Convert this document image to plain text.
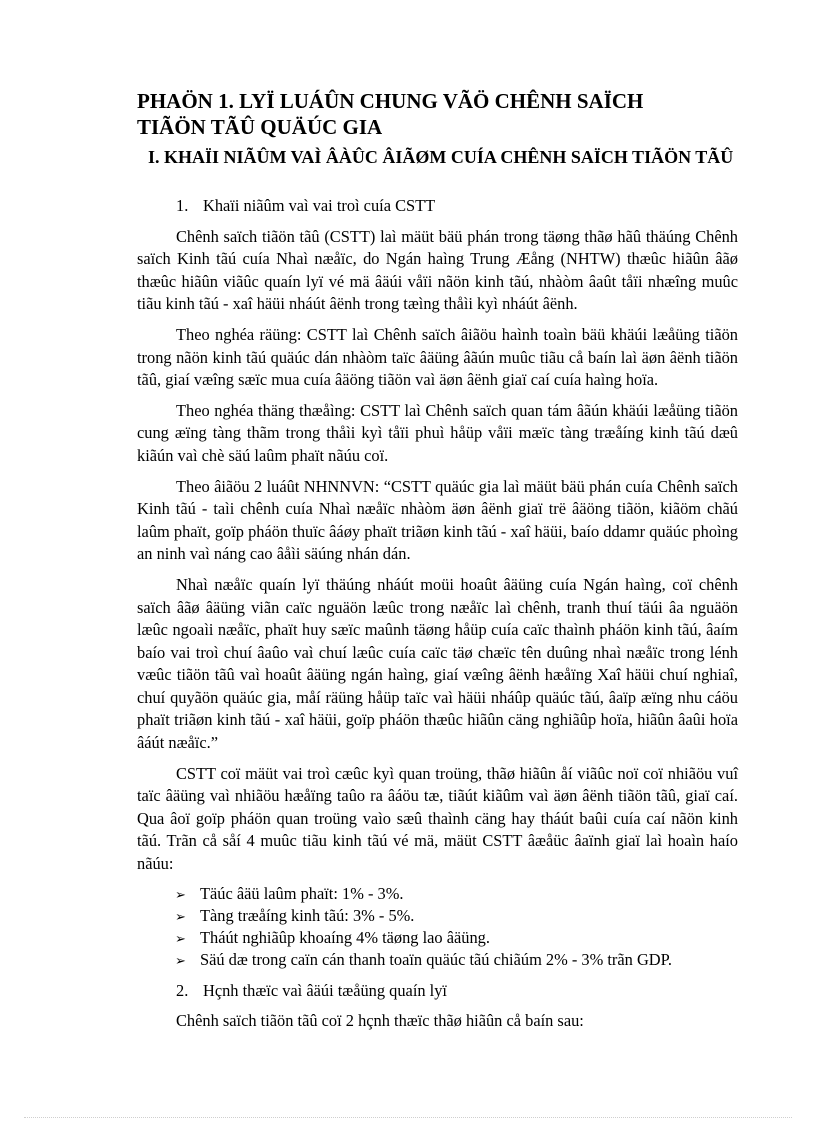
PHAÖN 1. LYÏ LUÁÛN CHUNG VÃÖ CHÊNH SAÏCH TIÃÖN TÃÛ QUÄÚC GIA
I. KHAÏI NIÃÛM VAÌ ÂÀÛC ÂIÃØM CUÍA CHÊNH SAÏCH TIÃÖN TÃÛ

1. Khaïi niãûm vaì vai troì cuía CSTT

Chênh saïch tiãön tãû (CSTT) laì mäüt bäü phán trong täøng thãø hãû thäúng Chênh saïch Kinh tãú cuía Nhaì næåïc, do Ngán haìng Trung Æång (NHTW) thæûc hiãûn âãø thæûc hiãûn viãûc quaín lyï vé mä âäúi våïi nãön kinh tãú, nhàòm âaût tåïi nhæîng muûc tiãu kinh tãú - xaî häüi nháút âënh trong tæìng thåìi kyì nháút âënh.

Theo nghéa räüng: CSTT laì Chênh saïch âiãöu haình toaìn bäü khäúi læåüng tiãön trong nãön kinh tãú quäúc dán nhàòm taïc âäüng âãún muûc tiãu cå baín laì äøn âënh tiãön tãû, giaí væîng sæïc mua cuía âäöng tiãön vaì äøn âënh giaï caí cuía haìng hoïa.

Theo nghéa thäng thæåìng: CSTT laì Chênh saïch quan tám âãún khäúi læåüng tiãön cung æïng tàng thãm trong thåìi kyì tåïi phuì håüp våïi mæïc tàng træåíng kinh tãú dæû kiãún vaì chè säú laûm phaït nãúu coï.

Theo âiãöu 2 luáût NHNNVN: “CSTT quäúc gia laì mäüt bäü phán cuía Chênh saïch Kinh tãú - taìi chênh cuía Nhaì næåïc nhàòm äøn âënh giaï trë âäöng tiãön, kiãöm chãú laûm phaït, goïp pháön thuïc âáøy phaït triãøn kinh tãú - xaî häüi, baío ddamr quäúc phoìng an ninh vaì náng cao âåìi säúng nhán dán.

Nhaì næåïc quaín lyï thäúng nháút moüi hoaût âäüng cuía Ngán haìng, coï chênh saïch âãø âäüng viãn caïc nguäön læûc trong næåïc laì chênh, tranh thuí täúi âa nguäön læûc ngoaìi næåïc, phaït huy sæïc maûnh täøng håüp cuía caïc thaình pháön kinh tãú, âaím baío vai troì chuí âaûo vaì chuí læûc cuía caïc täø chæïc tên duûng nhaì næåïc trong lénh væûc tiãön tãû vaì hoaût âäüng ngán haìng, giaí væîng âënh hæåïng Xaî häüi chuí nghiaî, chuí quyãön quäúc gia, måí räüng håüp taïc vaì häüi nháûp quäúc tãú, âaïp æïng nhu cáöu phaït triãøn kinh tãú - xaî häüi, goïp pháön thæûc hiãûn cäng nghiãûp hoïa, hiãûn âaûi hoïa âáút næåïc.”

CSTT coï mäüt vai troì cæûc kyì quan troüng, thãø hiãûn åí viãûc noï coï nhiãöu vuî taïc âäüng vaì nhiãöu hæåïng taûo ra âáöu tæ, tiãút kiãûm vaì äøn âënh tiãön tãû, giaï caí. Qua âoï goïp pháön quan troüng vaìo sæû thaình cäng hay tháút baûi cuía caí nãön kinh tãú. Trãn cå såí 4 muûc tiãu kinh tãú vé mä, mäüt CSTT âæåüc âaïnh giaï laì hoaìn haío nãúu:

➢ Täúc âäü laûm phaït: 1% - 3%.
➢ Tàng træåíng kinh tãú: 3% - 5%.
➢ Tháút nghiãûp khoaíng 4% täøng lao âäüng.
➢ Säú dæ trong caïn cán thanh toaïn quäúc tãú chiãúm 2% - 3% trãn GDP.

2. Hçnh thæïc vaì âäúi tæåüng quaín lyï

Chênh saïch tiãön tãû coï 2 hçnh thæïc thãø hiãûn cå baín sau:
